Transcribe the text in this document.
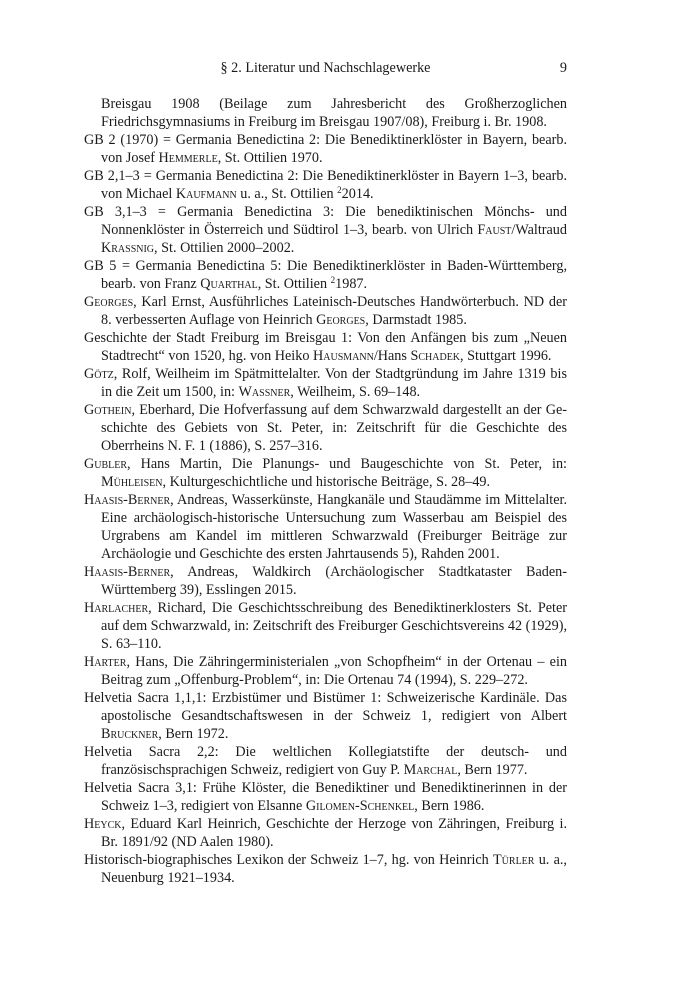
§ 2. Literatur und Nachschlagewerke	9

Breisgau 1908 (Beilage zum Jahresbericht des Großherzoglichen Friedrichsgymnasiums in Freiburg im Breisgau 1907/08), Freiburg i. Br. 1908.

GB 2 (1970) = Germania Benedictina 2: Die Benediktinerklöster in Bayern, bearb. von Josef Hemmerle, St. Ottilien 1970.

GB 2,1–3 = Germania Benedictina 2: Die Benediktinerklöster in Bayern 1–3, bearb. von Michael Kaufmann u. a., St. Ottilien $^2$2014.

GB 3,1–3 = Germania Benedictina 3: Die benediktinischen Mönchs- und Nonnenklöster in Österreich und Südtirol 1–3, bearb. von Ulrich Faust/Waltraud Krassnig, St. Ottilien 2000–2002.

GB 5 = Germania Benedictina 5: Die Benediktinerklöster in Baden-Württemberg, bearb. von Franz Quarthal, St. Ottilien $^2$1987.

Georges, Karl Ernst, Ausführliches Lateinisch-Deutsches Handwörterbuch. ND der 8. verbesserten Auflage von Heinrich Georges, Darmstadt 1985.

Geschichte der Stadt Freiburg im Breisgau 1: Von den Anfängen bis zum „Neuen Stadtrecht“ von 1520, hg. von Heiko Hausmann/Hans Schadek, Stuttgart 1996.

Götz, Rolf, Weilheim im Spätmittelalter. Von der Stadtgründung im Jahre 1319 bis in die Zeit um 1500, in: Wassner, Weilheim, S. 69–148.

Gothein, Eberhard, Die Hofverfassung auf dem Schwarzwald dargestellt an der Geschichte des Gebiets von St. Peter, in: Zeitschrift für die Geschichte des Oberrheins N. F. 1 (1886), S. 257–316.

Gubler, Hans Martin, Die Planungs- und Baugeschichte von St. Peter, in: Mühleisen, Kulturgeschichtliche und historische Beiträge, S. 28–49.

Haasis-Berner, Andreas, Wasserkünste, Hangkanäle und Staudämme im Mittelalter. Eine archäologisch-historische Untersuchung zum Wasserbau am Beispiel des Urgrabens am Kandel im mittleren Schwarzwald (Freiburger Beiträge zur Archäologie und Geschichte des ersten Jahrtausends 5), Rahden 2001.

Haasis-Berner, Andreas, Waldkirch (Archäologischer Stadtkataster Baden-Württemberg 39), Esslingen 2015.

Harlacher, Richard, Die Geschichtsschreibung des Benediktinerklosters St. Peter auf dem Schwarzwald, in: Zeitschrift des Freiburger Geschichtsvereins 42 (1929), S. 63–110.

Harter, Hans, Die Zähringerministerialen „von Schopfheim“ in der Ortenau – ein Beitrag zum „Offenburg-Problem“, in: Die Ortenau 74 (1994), S. 229–272.

Helvetia Sacra 1,1,1: Erzbistümer und Bistümer 1: Schweizerische Kardinäle. Das apostolische Gesandtschaftswesen in der Schweiz 1, redigiert von Albert Bruckner, Bern 1972.

Helvetia Sacra 2,2: Die weltlichen Kollegiatstifte der deutsch- und französischsprachigen Schweiz, redigiert von Guy P. Marchal, Bern 1977.

Helvetia Sacra 3,1: Frühe Klöster, die Benediktiner und Benediktinerinnen in der Schweiz 1–3, redigiert von Elsanne Gilomen-Schenkel, Bern 1986.

Heyck, Eduard Karl Heinrich, Geschichte der Herzoge von Zähringen, Freiburg i. Br. 1891/92 (ND Aalen 1980).

Historisch-biographisches Lexikon der Schweiz 1–7, hg. von Heinrich Türler u. a., Neuenburg 1921–1934.
